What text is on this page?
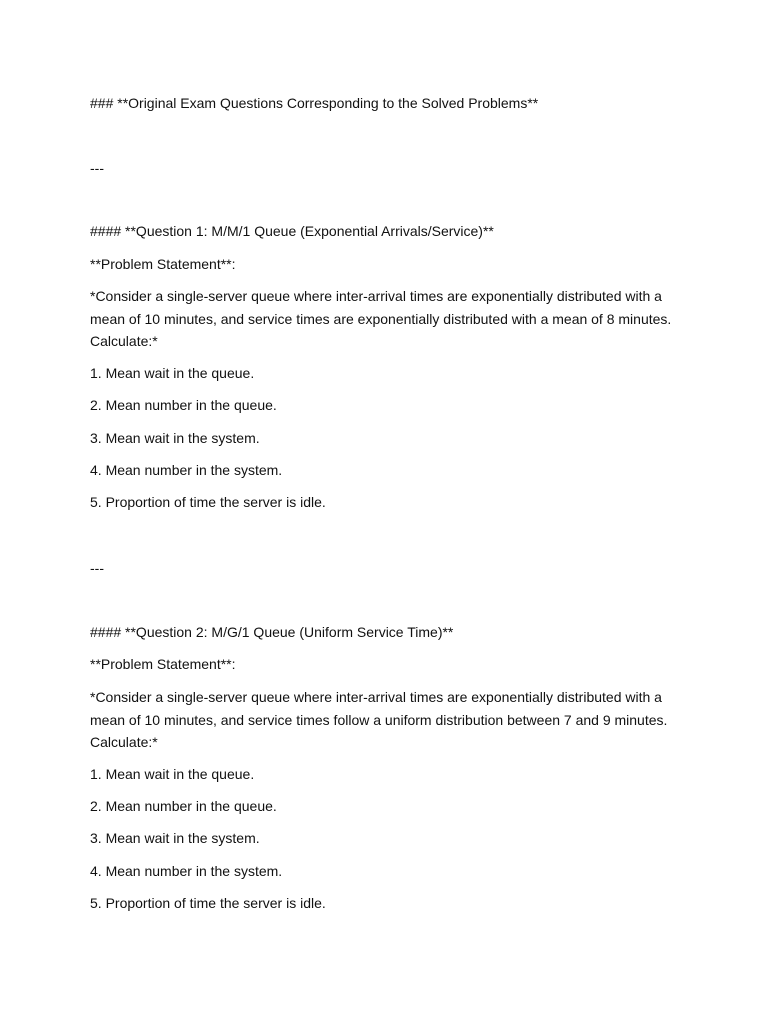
### **Original Exam Questions Corresponding to the Solved Problems**
---
#### **Question 1: M/M/1 Queue (Exponential Arrivals/Service)**
**Problem Statement**:
*Consider a single-server queue where inter-arrival times are exponentially distributed with a mean of 10 minutes, and service times are exponentially distributed with a mean of 8 minutes. Calculate:*
1. Mean wait in the queue.
2. Mean number in the queue.
3. Mean wait in the system.
4. Mean number in the system.
5. Proportion of time the server is idle.
---
#### **Question 2: M/G/1 Queue (Uniform Service Time)**
**Problem Statement**:
*Consider a single-server queue where inter-arrival times are exponentially distributed with a mean of 10 minutes, and service times follow a uniform distribution between 7 and 9 minutes. Calculate:*
1. Mean wait in the queue.
2. Mean number in the queue.
3. Mean wait in the system.
4. Mean number in the system.
5. Proportion of time the server is idle.
